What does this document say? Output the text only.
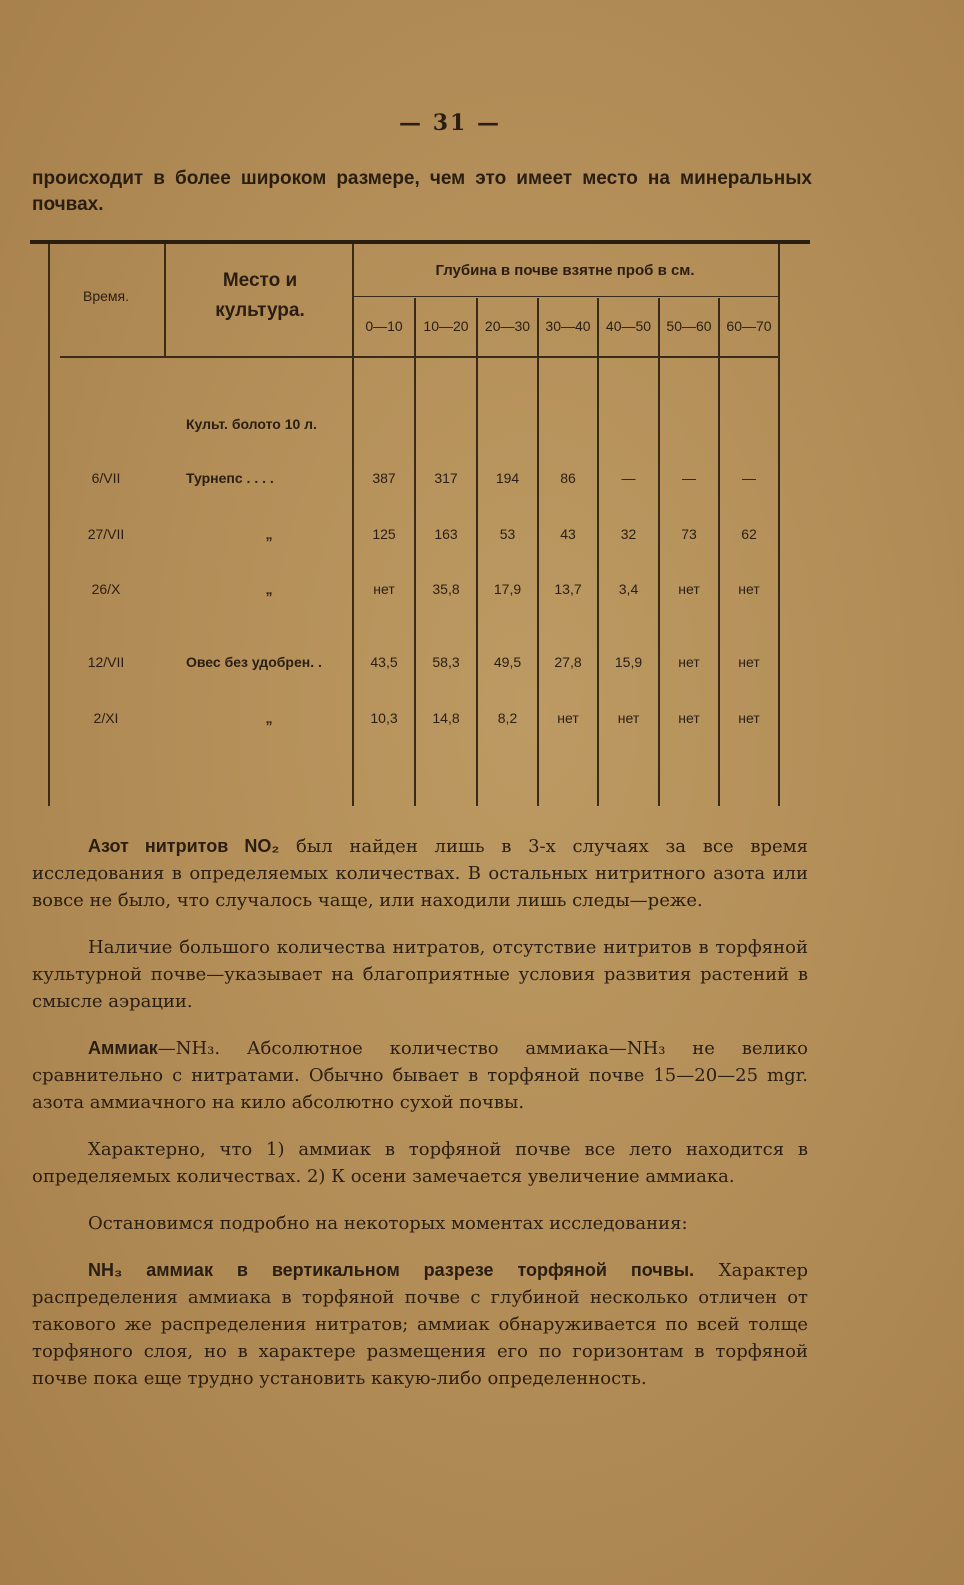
— 31 —
происходит в более широком размере, чем это имеет место на минеральных почвах.
Время.
Место и культура.
Глубина в почве взятне проб в см.
0—10	10—20	20—30	30—40	40—50	50—60	60—70
Культ. болото 10 л.
6/VII	Турнепс . . . .	387	317	194	86	—	—	—
27/VII	„	125	163	53	43	32	73	62
26/X	„	нет	35,8	17,9	13,7	3,4	нет	нет
12/VII	Овес без удобрен. .	43,5	58,3	49,5	27,8	15,9	нет	нет
2/XI	„	10,3	14,8	8,2	нет	нет	нет	нет

Азот нитритов NO₂ был найден лишь в 3-х случаях за все время исследования в определяемых количествах. В остальных нитритного азота или вовсе не было, что случалось чаще, или находили лишь следы—реже.

Наличие большого количества нитратов, отсутствие нитритов в торфяной культурной почве—указывает на благоприятные условия развития растений в смысле аэрации.

Аммиак—NH₃. Абсолютное количество аммиака—NH₃ не велико сравнительно с нитратами. Обычно бывает в торфяной почве 15—20—25 mgr. азота аммиачного на кило абсолютно сухой почвы.

Характерно, что 1) аммиак в торфяной почве все лето находится в определяемых количествах. 2) К осени замечается увеличение аммиака.

Остановимся подробно на некоторых моментах исследования:

NH₃ аммиак в вертикальном разрезе торфяной почвы. Характер распределения аммиака в торфяной почве с глубиной несколько отличен от такового же распределения нитратов; аммиак обнаруживается по всей толще торфяного слоя, но в характере размещения его по горизонтам в торфяной почве пока еще трудно установить какую-либо определенность.
